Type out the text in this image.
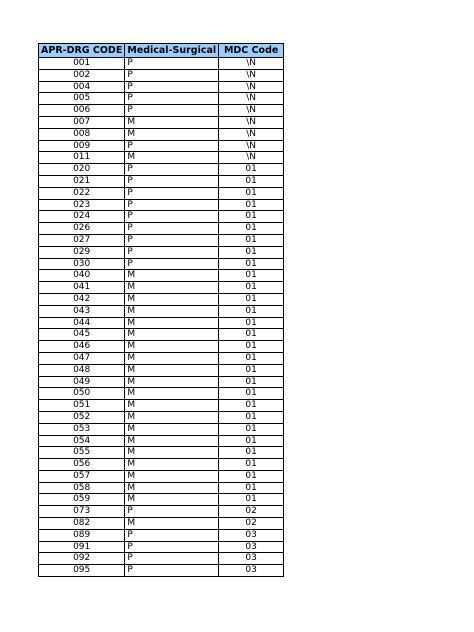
APR-DRG CODE	Medical-Surgical	MDC Code
001	P	\N
002	P	\N
004	P	\N
005	P	\N
006	P	\N
007	M	\N
008	M	\N
009	P	\N
011	M	\N
020	P	01
021	P	01
022	P	01
023	P	01
024	P	01
026	P	01
027	P	01
029	P	01
030	P	01
040	M	01
041	M	01
042	M	01
043	M	01
044	M	01
045	M	01
046	M	01
047	M	01
048	M	01
049	M	01
050	M	01
051	M	01
052	M	01
053	M	01
054	M	01
055	M	01
056	M	01
057	M	01
058	M	01
059	M	01
073	P	02
082	M	02
089	P	03
091	P	03
092	P	03
095	P	03
